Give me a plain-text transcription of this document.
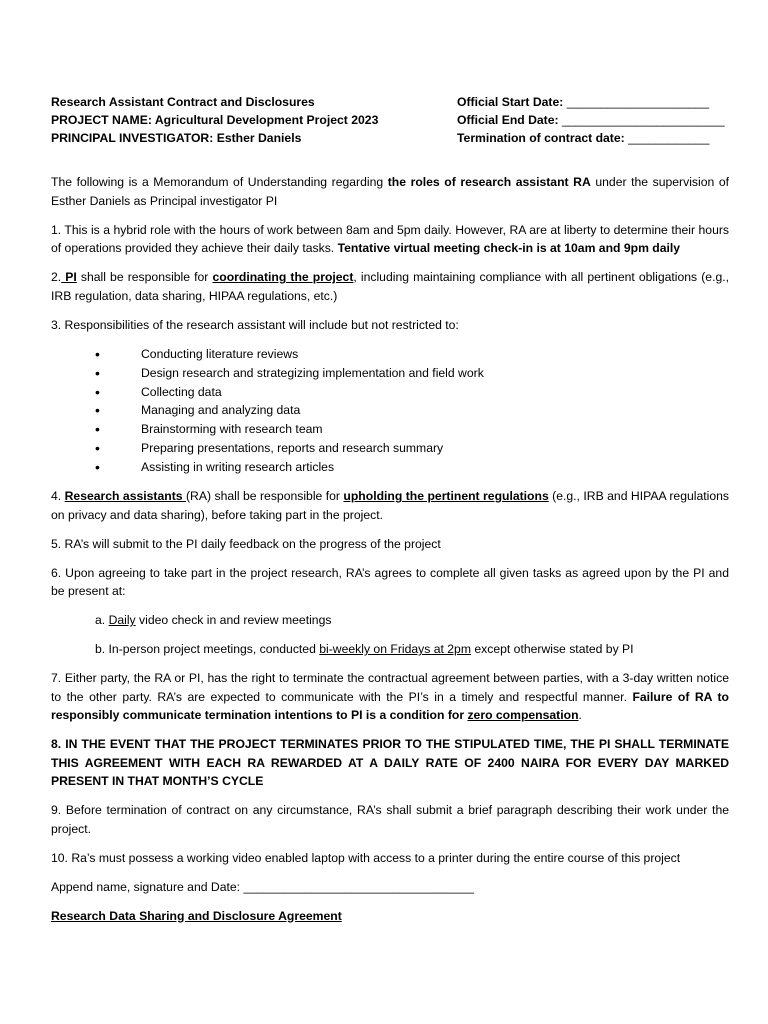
Research Assistant Contract and Disclosures
PROJECT NAME: Agricultural Development Project 2023
PRINCIPAL INVESTIGATOR: Esther Daniels
Official Start Date: _____________________
Official End Date: ________________________
Termination of contract date: ____________

The following is a Memorandum of Understanding regarding the roles of research assistant RA under the supervision of Esther Daniels as Principal investigator PI

1. This is a hybrid role with the hours of work between 8am and 5pm daily. However, RA are at liberty to determine their hours of operations provided they achieve their daily tasks. Tentative virtual meeting check-in is at 10am and 9pm daily

2. PI shall be responsible for coordinating the project, including maintaining compliance with all pertinent obligations (e.g., IRB regulation, data sharing, HIPAA regulations, etc.)

3. Responsibilities of the research assistant will include but not restricted to:

•	Conducting literature reviews
•	Design research and strategizing implementation and field work
•	Collecting data
•	Managing and analyzing data
•	Brainstorming with research team
•	Preparing presentations, reports and research summary
•	Assisting in writing research articles

4. Research assistants (RA) shall be responsible for upholding the pertinent regulations (e.g., IRB and HIPAA regulations on privacy and data sharing), before taking part in the project.

5. RA’s will submit to the PI daily feedback on the progress of the project

6. Upon agreeing to take part in the project research, RA’s agrees to complete all given tasks as agreed upon by the PI and be present at:

a. Daily video check in and review meetings

b. In-person project meetings, conducted bi-weekly on Fridays at 2pm except otherwise stated by PI

7. Either party, the RA or PI, has the right to terminate the contractual agreement between parties, with a 3-day written notice to the other party. RA’s are expected to communicate with the PI’s in a timely and respectful manner. Failure of RA to responsibly communicate termination intentions to PI is a condition for zero compensation.

8. IN THE EVENT THAT THE PROJECT TERMINATES PRIOR TO THE STIPULATED TIME, THE PI SHALL TERMINATE THIS AGREEMENT WITH EACH RA REWARDED AT A DAILY RATE OF 2400 NAIRA FOR EVERY DAY MARKED PRESENT IN THAT MONTH’S CYCLE

9. Before termination of contract on any circumstance, RA’s shall submit a brief paragraph describing their work under the project.

10. Ra’s must possess a working video enabled laptop with access to a printer during the entire course of this project

Append name, signature and Date: __________________________________

Research Data Sharing and Disclosure Agreement
